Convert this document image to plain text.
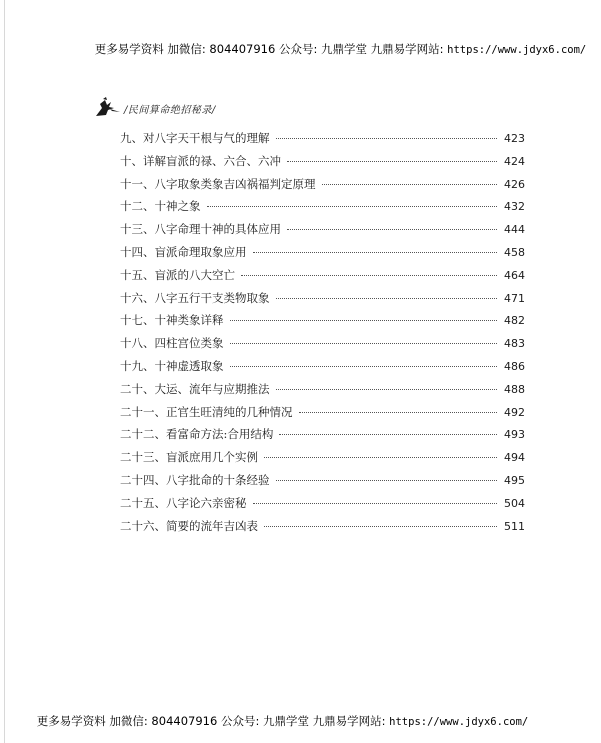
更多易学资料 加微信: 804407916 公众号: 九鼎学堂 九鼎易学网站: https://www.jdyx6.com/
/民间算命绝招秘录/
九、对八字天干根与气的理解	423
十、详解盲派的禄、六合、六冲	424
十一、八字取象类象吉凶祸福判定原理	426
十二、十神之象	432
十三、八字命理十神的具体应用	444
十四、盲派命理取象应用	458
十五、盲派的八大空亡	464
十六、八字五行干支类物取象	471
十七、十神类象详释	482
十八、四柱宫位类象	483
十九、十神虚透取象	486
二十、大运、流年与应期推法	488
二十一、正官生旺清纯的几种情况	492
二十二、看富命方法:合用结构	493
二十三、盲派庶用几个实例	494
二十四、八字批命的十条经验	495
二十五、八字论六亲密秘	504
二十六、简要的流年吉凶表	511
更多易学资料 加微信: 804407916 公众号: 九鼎学堂 九鼎易学网站: https://www.jdyx6.com/
